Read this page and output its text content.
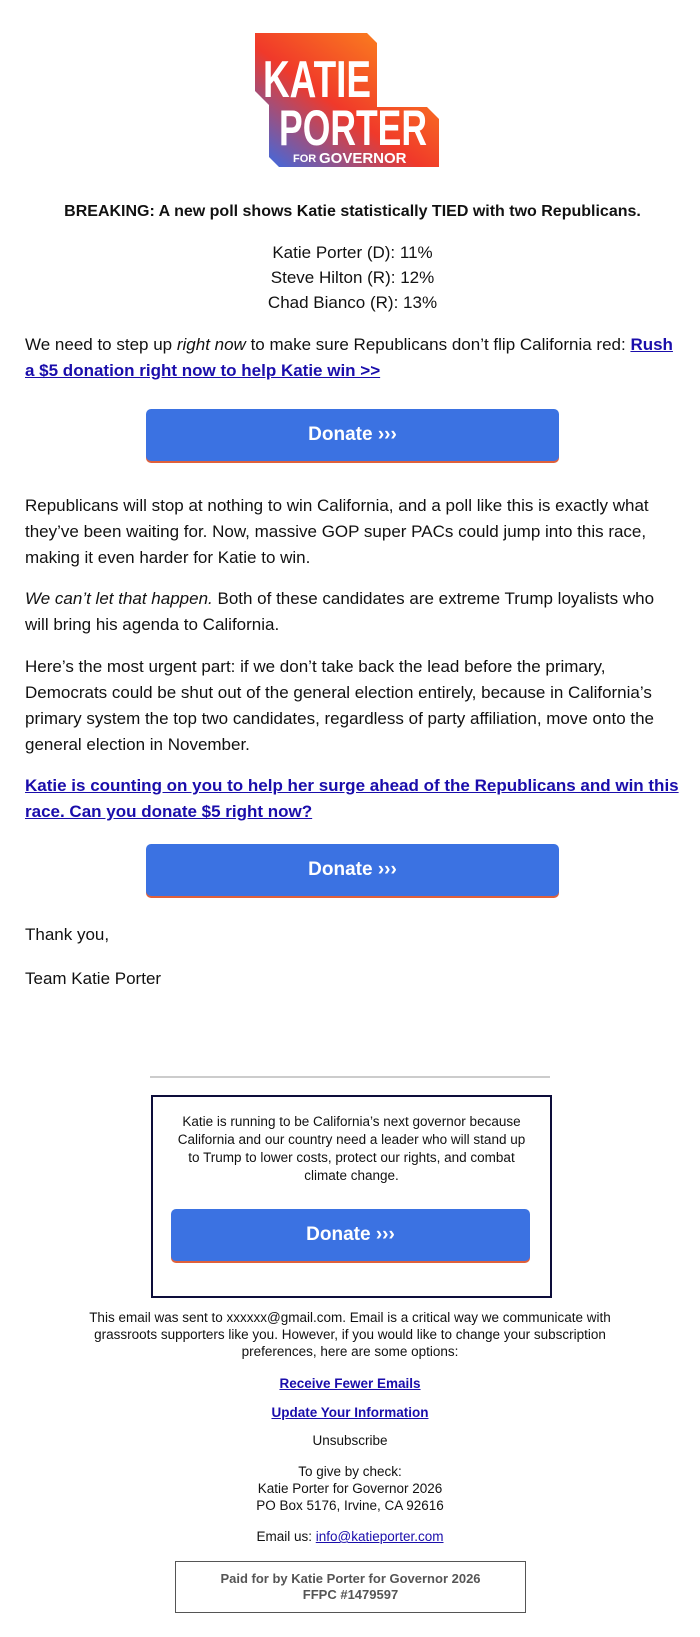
KATIE
PORTER
FOR GOVERNOR
BREAKING: A new poll shows Katie statistically TIED with two Republicans.
Katie Porter (D): 11%
Steve Hilton (R): 12%
Chad Bianco (R): 13%
We need to step up right now to make sure Republicans don’t flip California red: Rush a $5 donation right now to help Katie win >>
Donate ›››
Republicans will stop at nothing to win California, and a poll like this is exactly what they’ve been waiting for. Now, massive GOP super PACs could jump into this race, making it even harder for Katie to win.
We can’t let that happen. Both of these candidates are extreme Trump loyalists who will bring his agenda to California.
Here’s the most urgent part: if we don’t take back the lead before the primary, Democrats could be shut out of the general election entirely, because in California’s primary system the top two candidates, regardless of party affiliation, move onto the general election in November.
Katie is counting on you to help her surge ahead of the Republicans and win this race. Can you donate $5 right now?
Donate ›››
Thank you,
Team Katie Porter
Katie is running to be California’s next governor because California and our country need a leader who will stand up to Trump to lower costs, protect our rights, and combat climate change.
Donate ›››
This email was sent to xxxxxx@gmail.com. Email is a critical way we communicate with grassroots supporters like you. However, if you would like to change your subscription preferences, here are some options:
Receive Fewer Emails
Update Your Information
Unsubscribe
To give by check:
Katie Porter for Governor 2026
PO Box 5176, Irvine, CA 92616
Email us: info@katieporter.com
Paid for by Katie Porter for Governor 2026
FFPC #1479597
